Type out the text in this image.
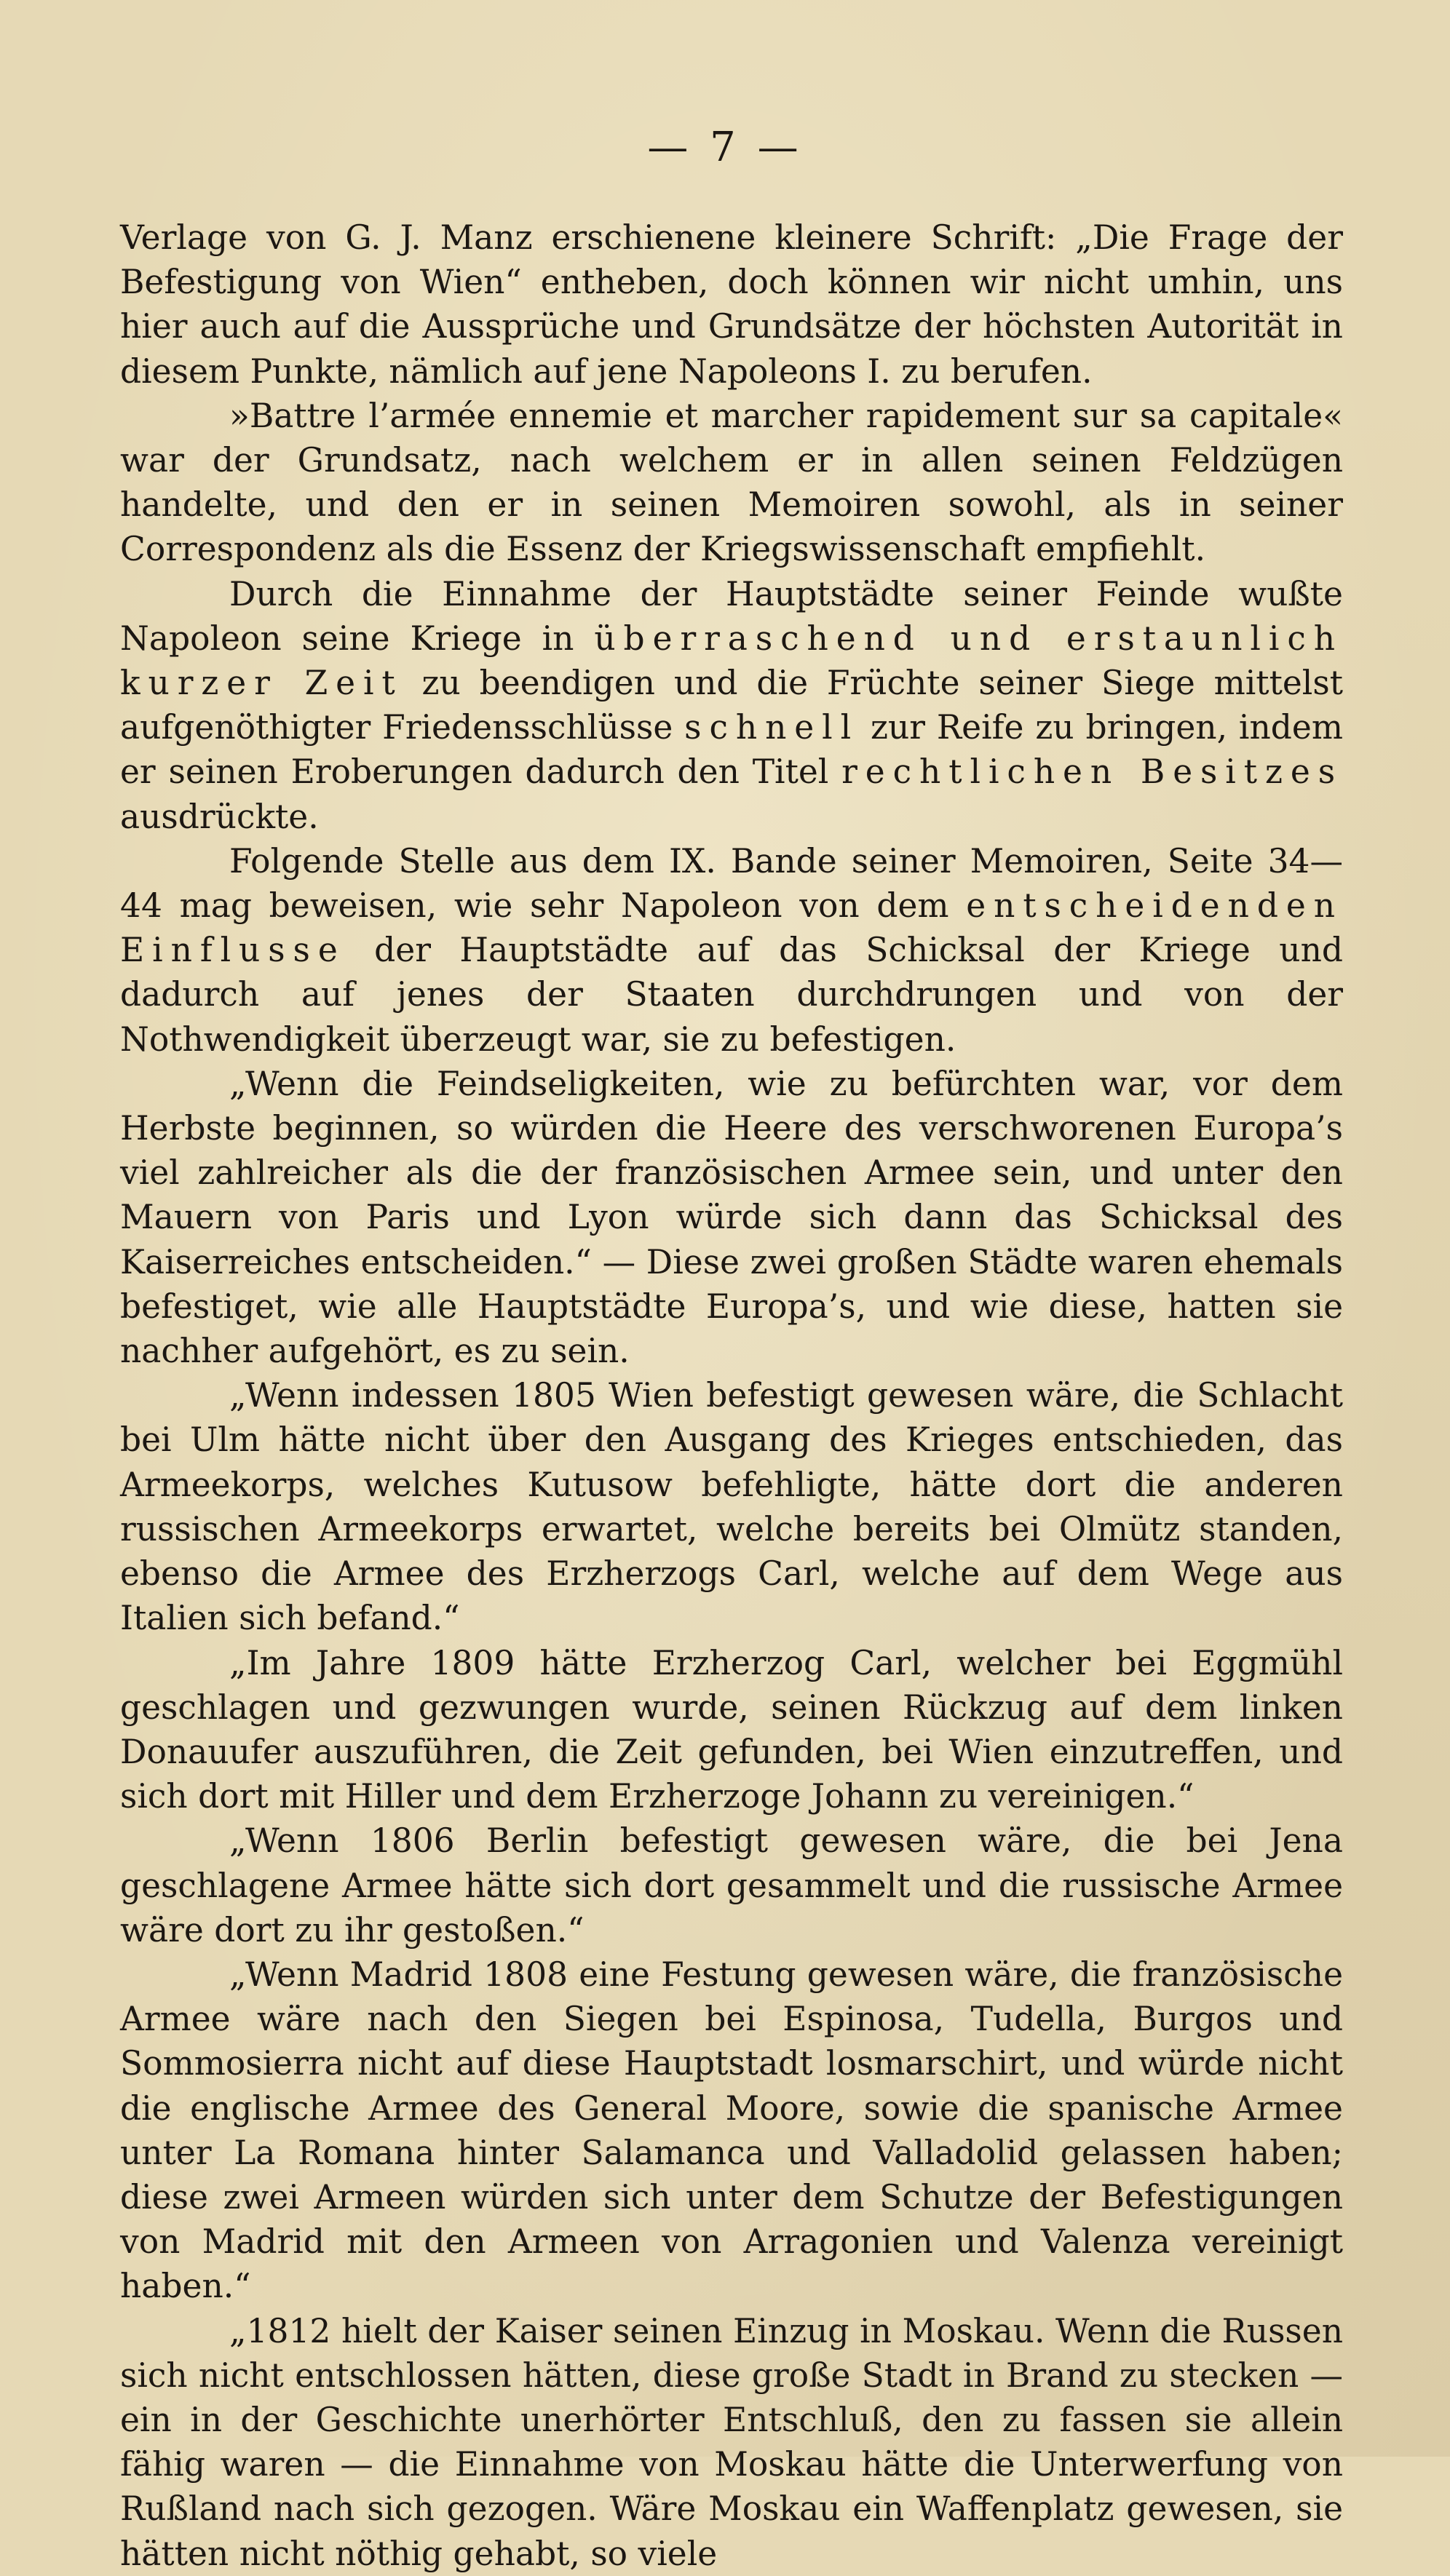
— 7 —

Verlage von G. J. Manz erschienene kleinere Schrift: „Die Frage der Befestigung von Wien“ entheben, doch können wir nicht umhin, uns hier auch auf die Aussprüche und Grundsätze der höchsten Autorität in diesem Punkte, nämlich auf jene Napoleons I. zu berufen.

»Battre l’armée ennemie et marcher rapidement sur sa capitale« war der Grundsatz, nach welchem er in allen seinen Feldzügen handelte, und den er in seinen Memoiren sowohl, als in seiner Correspondenz als die Essenz der Kriegswissenschaft empfiehlt.

Durch die Einnahme der Hauptstädte seiner Feinde wußte Napoleon seine Kriege in überraschend und erstaunlich kurzer Zeit zu beendigen und die Früchte seiner Siege mittelst aufgenöthigter Friedensschlüsse schnell zur Reife zu bringen, indem er seinen Eroberungen dadurch den Titel rechtlichen Besitzes ausdrückte.

Folgende Stelle aus dem IX. Bande seiner Memoiren, Seite 34—44 mag beweisen, wie sehr Napoleon von dem entscheidenden Einflusse der Hauptstädte auf das Schicksal der Kriege und dadurch auf jenes der Staaten durchdrungen und von der Nothwendigkeit überzeugt war, sie zu befestigen.

„Wenn die Feindseligkeiten, wie zu befürchten war, vor dem Herbste beginnen, so würden die Heere des verschworenen Europa’s viel zahlreicher als die der französischen Armee sein, und unter den Mauern von Paris und Lyon würde sich dann das Schicksal des Kaiserreiches entscheiden.“ — Diese zwei großen Städte waren ehemals befestiget, wie alle Hauptstädte Europa’s, und wie diese, hatten sie nachher aufgehört, es zu sein.

„Wenn indessen 1805 Wien befestigt gewesen wäre, die Schlacht bei Ulm hätte nicht über den Ausgang des Krieges entschieden, das Armeekorps, welches Kutusow befehligte, hätte dort die anderen russischen Armeekorps erwartet, welche bereits bei Olmütz standen, ebenso die Armee des Erzherzogs Carl, welche auf dem Wege aus Italien sich befand.“

„Im Jahre 1809 hätte Erzherzog Carl, welcher bei Eggmühl geschlagen und gezwungen wurde, seinen Rückzug auf dem linken Donauufer auszuführen, die Zeit gefunden, bei Wien einzutreffen, und sich dort mit Hiller und dem Erzherzoge Johann zu vereinigen.“

„Wenn 1806 Berlin befestigt gewesen wäre, die bei Jena geschlagene Armee hätte sich dort gesammelt und die russische Armee wäre dort zu ihr gestoßen.“

„Wenn Madrid 1808 eine Festung gewesen wäre, die französische Armee wäre nach den Siegen bei Espinosa, Tudella, Burgos und Sommosierra nicht auf diese Hauptstadt losmarschirt, und würde nicht die englische Armee des General Moore, sowie die spanische Armee unter La Romana hinter Salamanca und Valladolid gelassen haben; diese zwei Armeen würden sich unter dem Schutze der Befestigungen von Madrid mit den Armeen von Arragonien und Valenza vereinigt haben.“

„1812 hielt der Kaiser seinen Einzug in Moskau. Wenn die Russen sich nicht entschlossen hätten, diese große Stadt in Brand zu stecken — ein in der Geschichte unerhörter Entschluß, den zu fassen sie allein fähig waren — die Einnahme von Moskau hätte die Unterwerfung von Rußland nach sich gezogen. Wäre Moskau ein Waffenplatz gewesen, sie hätten nicht nöthig gehabt, so viele
